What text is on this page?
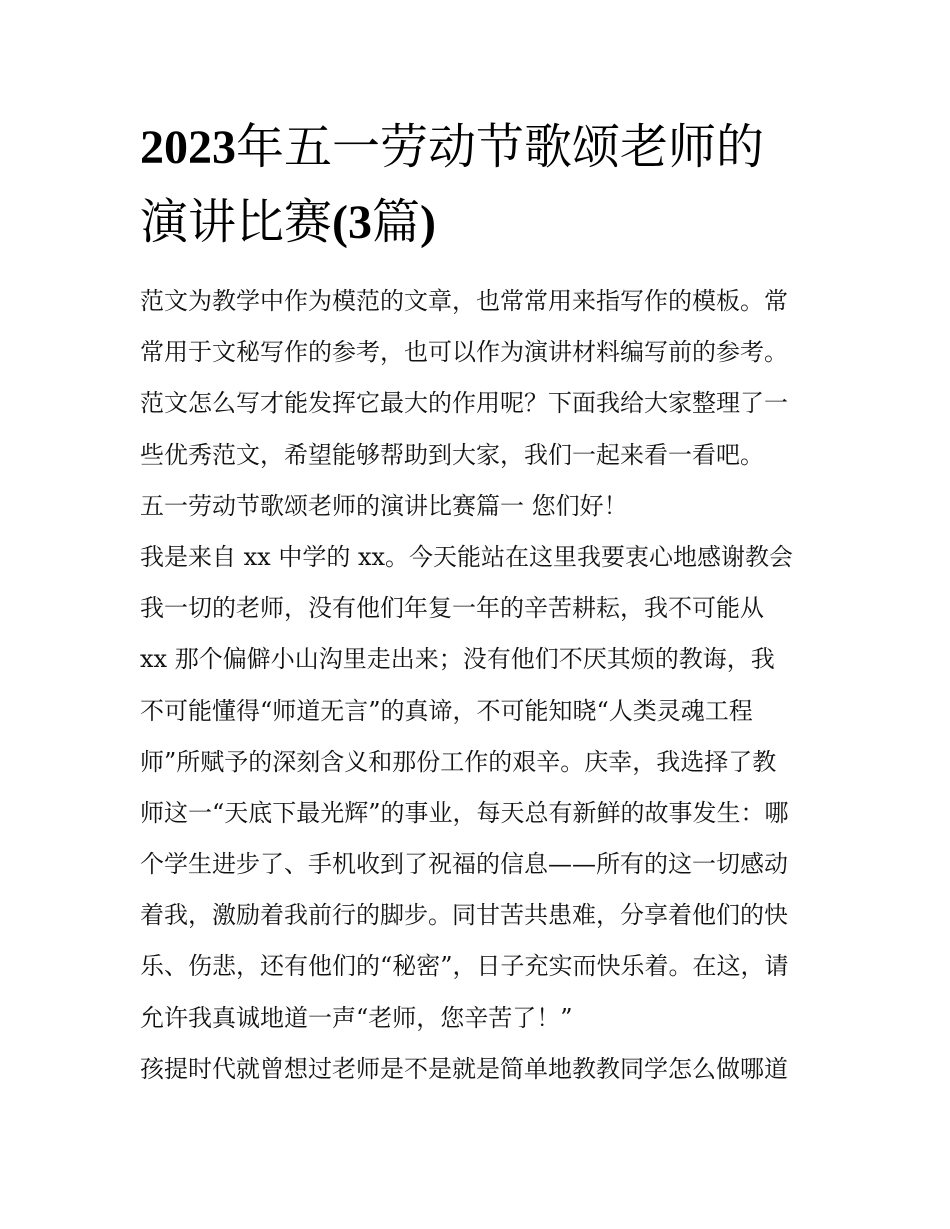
2023年五一劳动节歌颂老师的
演讲比赛(3篇)
范文为教学中作为模范的文章，也常常用来指写作的模板。常
常用于文秘写作的参考，也可以作为演讲材料编写前的参考。
范文怎么写才能发挥它最大的作用呢？下面我给大家整理了一
些优秀范文，希望能够帮助到大家，我们一起来看一看吧。
五一劳动节歌颂老师的演讲比赛篇一 您们好！
我是来自 xx 中学的 xx。今天能站在这里我要衷心地感谢教会
我一切的老师，没有他们年复一年的辛苦耕耘，我不可能从
xx 那个偏僻小山沟里走出来；没有他们不厌其烦的教诲，我
不可能懂得“师道无言”的真谛，不可能知晓“人类灵魂工程
师”所赋予的深刻含义和那份工作的艰辛。庆幸，我选择了教
师这一“天底下最光辉”的事业，每天总有新鲜的故事发生：哪
个学生进步了、手机收到了祝福的信息——所有的这一切感动
着我，激励着我前行的脚步。同甘苦共患难，分享着他们的快
乐、伤悲，还有他们的“秘密”，日子充实而快乐着。在这，请
允许我真诚地道一声“老师，您辛苦了！”
孩提时代就曾想过老师是不是就是简单地教教同学怎么做哪道
